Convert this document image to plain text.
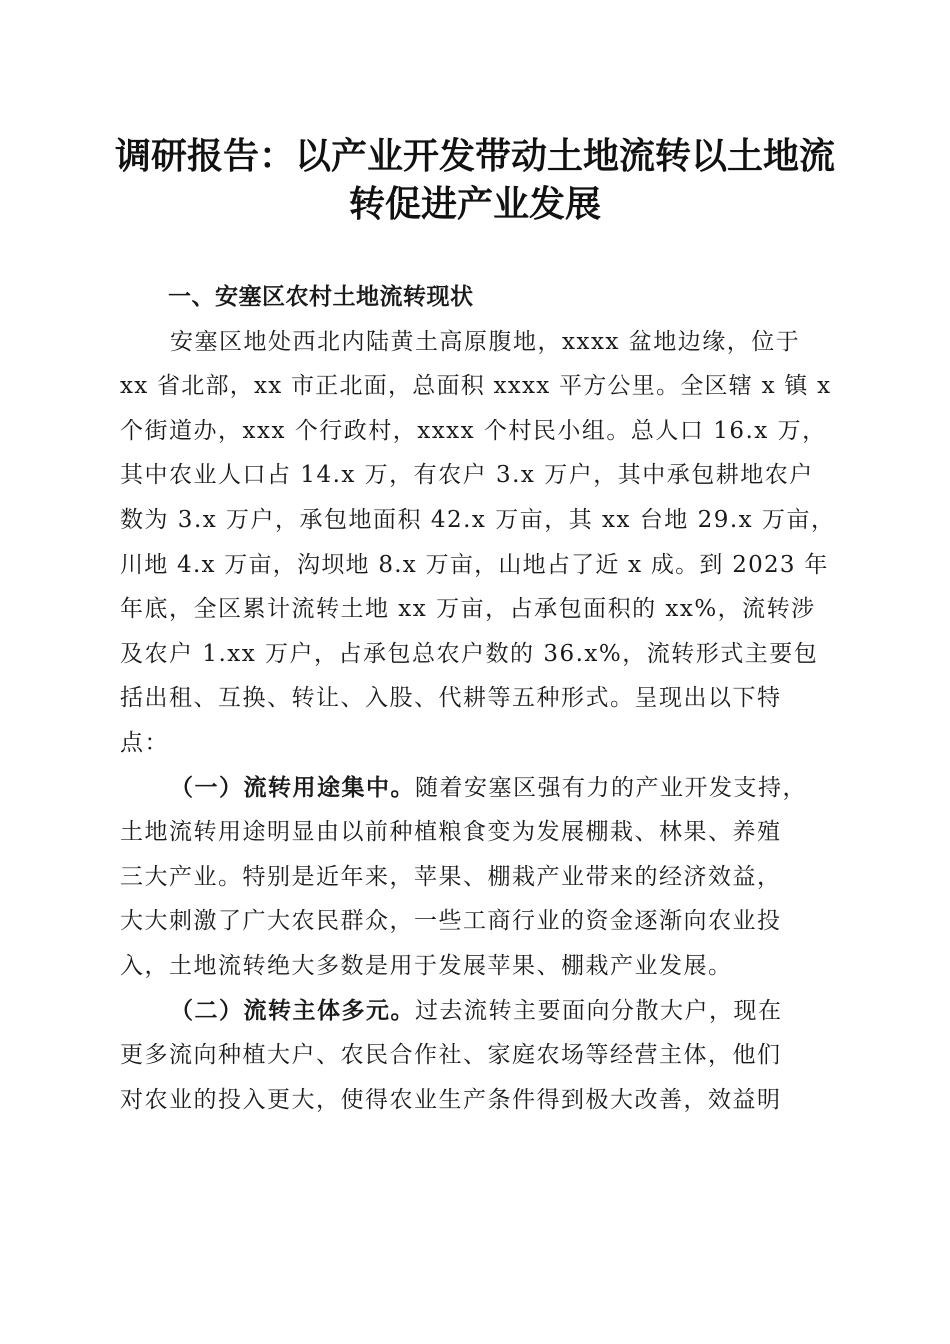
调研报告：以产业开发带动土地流转以土地流
转促进产业发展
一、安塞区农村土地流转现状
安塞区地处西北内陆黄土高原腹地，xxxx 盆地边缘，位于
xx 省北部，xx 市正北面，总面积 xxxx 平方公里。全区辖 x 镇 x
个街道办，xxx 个行政村，xxxx 个村民小组。总人口 16.x 万，
其中农业人口占 14.x 万，有农户 3.x 万户，其中承包耕地农户
数为 3.x 万户，承包地面积 42.x 万亩，其 xx 台地 29.x 万亩，
川地 4.x 万亩，沟坝地 8.x 万亩，山地占了近 x 成。到 2023 年
年底，全区累计流转土地 xx 万亩，占承包面积的 xx%，流转涉
及农户 1.xx 万户，占承包总农户数的 36.x%，流转形式主要包
括出租、互换、转让、入股、代耕等五种形式。呈现出以下特
点：
（一）流转用途集中。随着安塞区强有力的产业开发支持，
土地流转用途明显由以前种植粮食变为发展棚栽、林果、养殖
三大产业。特别是近年来，苹果、棚栽产业带来的经济效益，
大大刺激了广大农民群众，一些工商行业的资金逐渐向农业投
入，土地流转绝大多数是用于发展苹果、棚栽产业发展。
（二）流转主体多元。过去流转主要面向分散大户，现在
更多流向种植大户、农民合作社、家庭农场等经营主体，他们
对农业的投入更大，使得农业生产条件得到极大改善，效益明
